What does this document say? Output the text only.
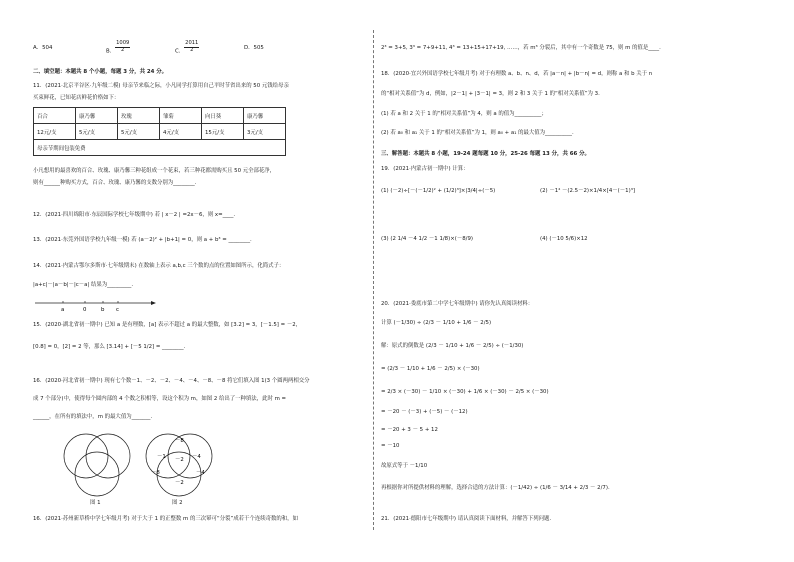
A．504
B． $\frac{1009}{2}$	C． $\frac{2011}{2}$	D．505
二、填空题：本题共 8 个小题，每题 3 分，共 24 分。
11．(2021·北京平谷区·九年级二模) 母亲节来临之际，小凡同学打算用自己平时节省出来的 50 元钱给母亲
买束鲜花，已知花店鲜花价格如下：
百合	康乃馨	玫瑰	雏菊	向日葵	康乃馨
12元/支	5元/支	5元/支	4元/支	15元/支	3元/支
母亲节期间包装免费					
小凡想用的最喜欢的百合、玫瑰、康乃馨三种花组成一个花束，若三种花都需购买且 50 元全部花净，
则有______种购买方式，百合、玫瑰、康乃馨的支数分别为________.
12．(2021·四川绵阳市·东辰国际学校七年级期中) 若 | x－2 | =2x－6，则 x=____.
13．(2021·东莞外国语学校九年级一模) 若 (a－2)² + |b+1| = 0，则 a + b³ = ________.
14．(2021·内蒙古鄂尔多斯市·七年级期末) 在数轴上表示 a,b,c 三个数的点的位置如图所示，化简式子：
|a+c|－|a－b|－|c－a| 结果为_________.
a	0	b c
15．(2020·湖北省初一期中) 已知 a 是有理数，[a] 表示不超过 a 的最大整数，如 [3.2] = 3，[－1.5] = －2，
[0.8] = 0，[2] = 2 等，那么 [3.14] + [－5 1/2] = ________.
16．(2020·河北省初一期中) 现有七个数－1、－2、－2、－4、－4、－8、－8 将它们填入图 1(3 个圆两两相交分
成 7 个部分)中，使得每个圆内部的 4 个数之积相等，设这个积为 m，如图 2 给出了一种填法，此时 m =
______，在所有的填法中，m 的最大值为_______.
图 1
－8
－1 －2 －4
－8	－4
－2
图 2
16．(2021·苏州新草桥中学七年级月考) 对于大于 1 的正整数 m 的三次幂可“分裂”成若干个连续奇数的和，如
2³ = 3+5, 3³ = 7+9+11, 4³ = 13+15+17+19, ……，若 m³ 分裂后，其中有一个奇数是 75，则 m 的值是____.
18．(2020·宜兴外国语学校七年级月考) 对于有理数 a、b、n、d，若 |a－n| + |b－n| = d，则称 a 和 b 关于 n
的“相对关系值”为 d，例如，|2－1| + |3－1| = 3，则 2 和 3 关于 1 的“相对关系值”为 3.
(1) 若 a 和 2 关于 1 的“相对关系值”为 4，则 a 的值为__________；
(2) 若 a₀ 和 a₁ 关于 1 的“相对关系值”为 1，则 a₀ + a₁ 的最大值为__________.
三、解答题：本题共 8 小题，19-24 题每题 10 分，25-26 每题 13 分，共 66 分。
19．(2021·内蒙古初一期中) 计算：
(1) (－2)÷[－(－1/2)² + (1/2)³]×|3/4|÷(－5)	(2) －1⁴ －(2.5－2)×1/4×[4－(－1)³]
(3) (2 1/4 －4 1/2 －1 1/8)×(－8/9)	(4) (－10 5/6)×12
20．(2021·娄底市第二中学七年级期中) 请你先认真阅读材料：
计算 (－1/30) ÷ (2/3 － 1/10 + 1/6 － 2/5)
解：原式的倒数是 (2/3 － 1/10 + 1/6 － 2/5) ÷ (－1/30)
= (2/3 － 1/10 + 1/6 － 2/5) × (－30)
= 2/3 × (－30) － 1/10 × (－30) + 1/6 × (－30) － 2/5 × (－30)
= －20 － (－3) + (－5) － (－12)
= －20 + 3 － 5 + 12
= －10
故原式等于 －1/10
再根据你对所提供材料的理解，选择合适的方法计算：(－1/42) ÷ (1/6 － 3/14 + 2/3 － 2/7).
21．(2021·德阳市七年级期中) 请认真阅读下面材料，并解答下列问题.
